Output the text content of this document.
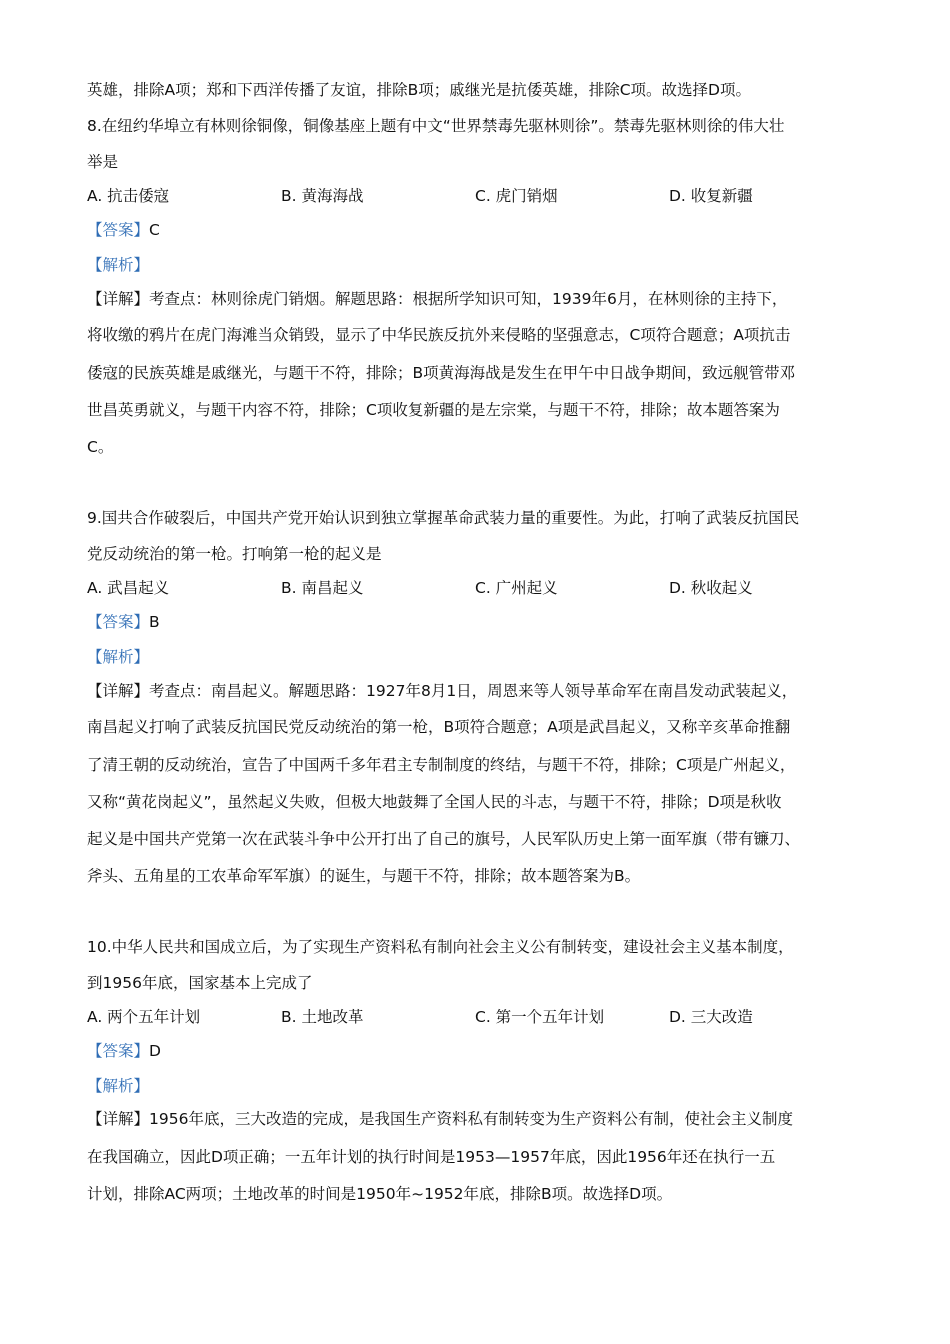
英雄，排除A项；郑和下西洋传播了友谊，排除B项；戚继光是抗倭英雄，排除C项。故选择D项。
8.在纽约华埠立有林则徐铜像，铜像基座上题有中文“世界禁毒先驱林则徐”。禁毒先驱林则徐的伟大壮
举是
A. 抗击倭寇	B. 黄海海战	C. 虎门销烟	D. 收复新疆
【答案】C
【解析】
【详解】考查点：林则徐虎门销烟。解题思路：根据所学知识可知，1939年6月，在林则徐的主持下，
将收缴的鸦片在虎门海滩当众销毁，显示了中华民族反抗外来侵略的坚强意志，C项符合题意；A项抗击
倭寇的民族英雄是戚继光，与题干不符，排除；B项黄海海战是发生在甲午中日战争期间，致远舰管带邓
世昌英勇就义，与题干内容不符，排除；C项收复新疆的是左宗棠，与题干不符，排除；故本题答案为
C。
9.国共合作破裂后，中国共产党开始认识到独立掌握革命武装力量的重要性。为此，打响了武装反抗国民
党反动统治的第一枪。打响第一枪的起义是
A. 武昌起义	B. 南昌起义	C. 广州起义	D. 秋收起义
【答案】B
【解析】
【详解】考查点：南昌起义。解题思路：1927年8月1日，周恩来等人领导革命军在南昌发动武装起义，
南昌起义打响了武装反抗国民党反动统治的第一枪，B项符合题意；A项是武昌起义，又称辛亥革命推翻
了清王朝的反动统治，宣告了中国两千多年君主专制制度的终结，与题干不符，排除；C项是广州起义，
又称“黄花岗起义”，虽然起义失败，但极大地鼓舞了全国人民的斗志，与题干不符，排除；D项是秋收
起义是中国共产党第一次在武装斗争中公开打出了自己的旗号，人民军队历史上第一面军旗（带有镰刀、
斧头、五角星的工农革命军军旗）的诞生，与题干不符，排除；故本题答案为B。
10.中华人民共和国成立后，为了实现生产资料私有制向社会主义公有制转变，建设社会主义基本制度，
到1956年底，国家基本上完成了
A. 两个五年计划	B. 土地改革	C. 第一个五年计划	D. 三大改造
【答案】D
【解析】
【详解】1956年底，三大改造的完成，是我国生产资料私有制转变为生产资料公有制，使社会主义制度
在我国确立，因此D项正确；一五年计划的执行时间是1953—1957年底，因此1956年还在执行一五
计划，排除AC两项；土地改革的时间是1950年~1952年底，排除B项。故选择D项。
